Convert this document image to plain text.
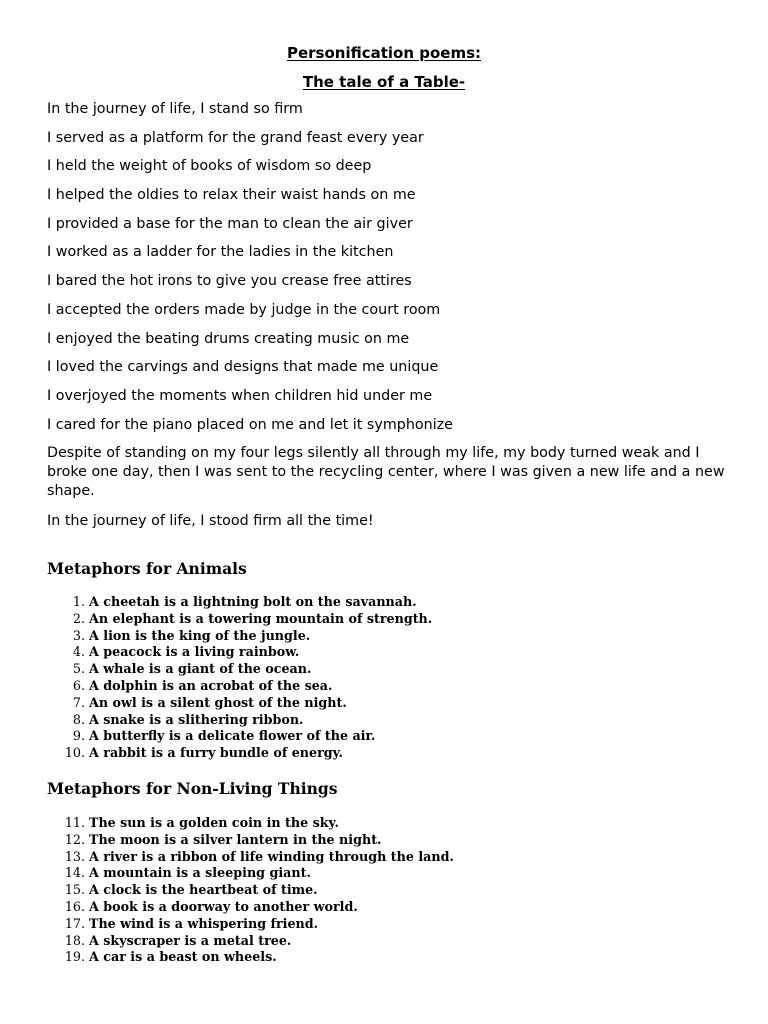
Personification poems:
The tale of a Table-
In the journey of life, I stand so firm
I served as a platform for the grand feast every year
I held the weight of books of wisdom so deep
I helped the oldies to relax their waist hands on me
I provided a base for the man to clean the air giver
I worked as a ladder for the ladies in the kitchen
I bared the hot irons to give you crease free attires
I accepted the orders made by judge in the court room
I enjoyed the beating drums creating music on me
I loved the carvings and designs that made me unique
I overjoyed the moments when children hid under me
I cared for the piano placed on me and let it symphonize
Despite of standing on my four legs silently all through my life, my body turned weak and I broke one day, then I was sent to the recycling center, where I was given a new life and a new shape.
In the journey of life, I stood firm all the time!
Metaphors for Animals
1. A cheetah is a lightning bolt on the savannah.
2. An elephant is a towering mountain of strength.
3. A lion is the king of the jungle.
4. A peacock is a living rainbow.
5. A whale is a giant of the ocean.
6. A dolphin is an acrobat of the sea.
7. An owl is a silent ghost of the night.
8. A snake is a slithering ribbon.
9. A butterfly is a delicate flower of the air.
10. A rabbit is a furry bundle of energy.
Metaphors for Non-Living Things
11. The sun is a golden coin in the sky.
12. The moon is a silver lantern in the night.
13. A river is a ribbon of life winding through the land.
14. A mountain is a sleeping giant.
15. A clock is the heartbeat of time.
16. A book is a doorway to another world.
17. The wind is a whispering friend.
18. A skyscraper is a metal tree.
19. A car is a beast on wheels.
